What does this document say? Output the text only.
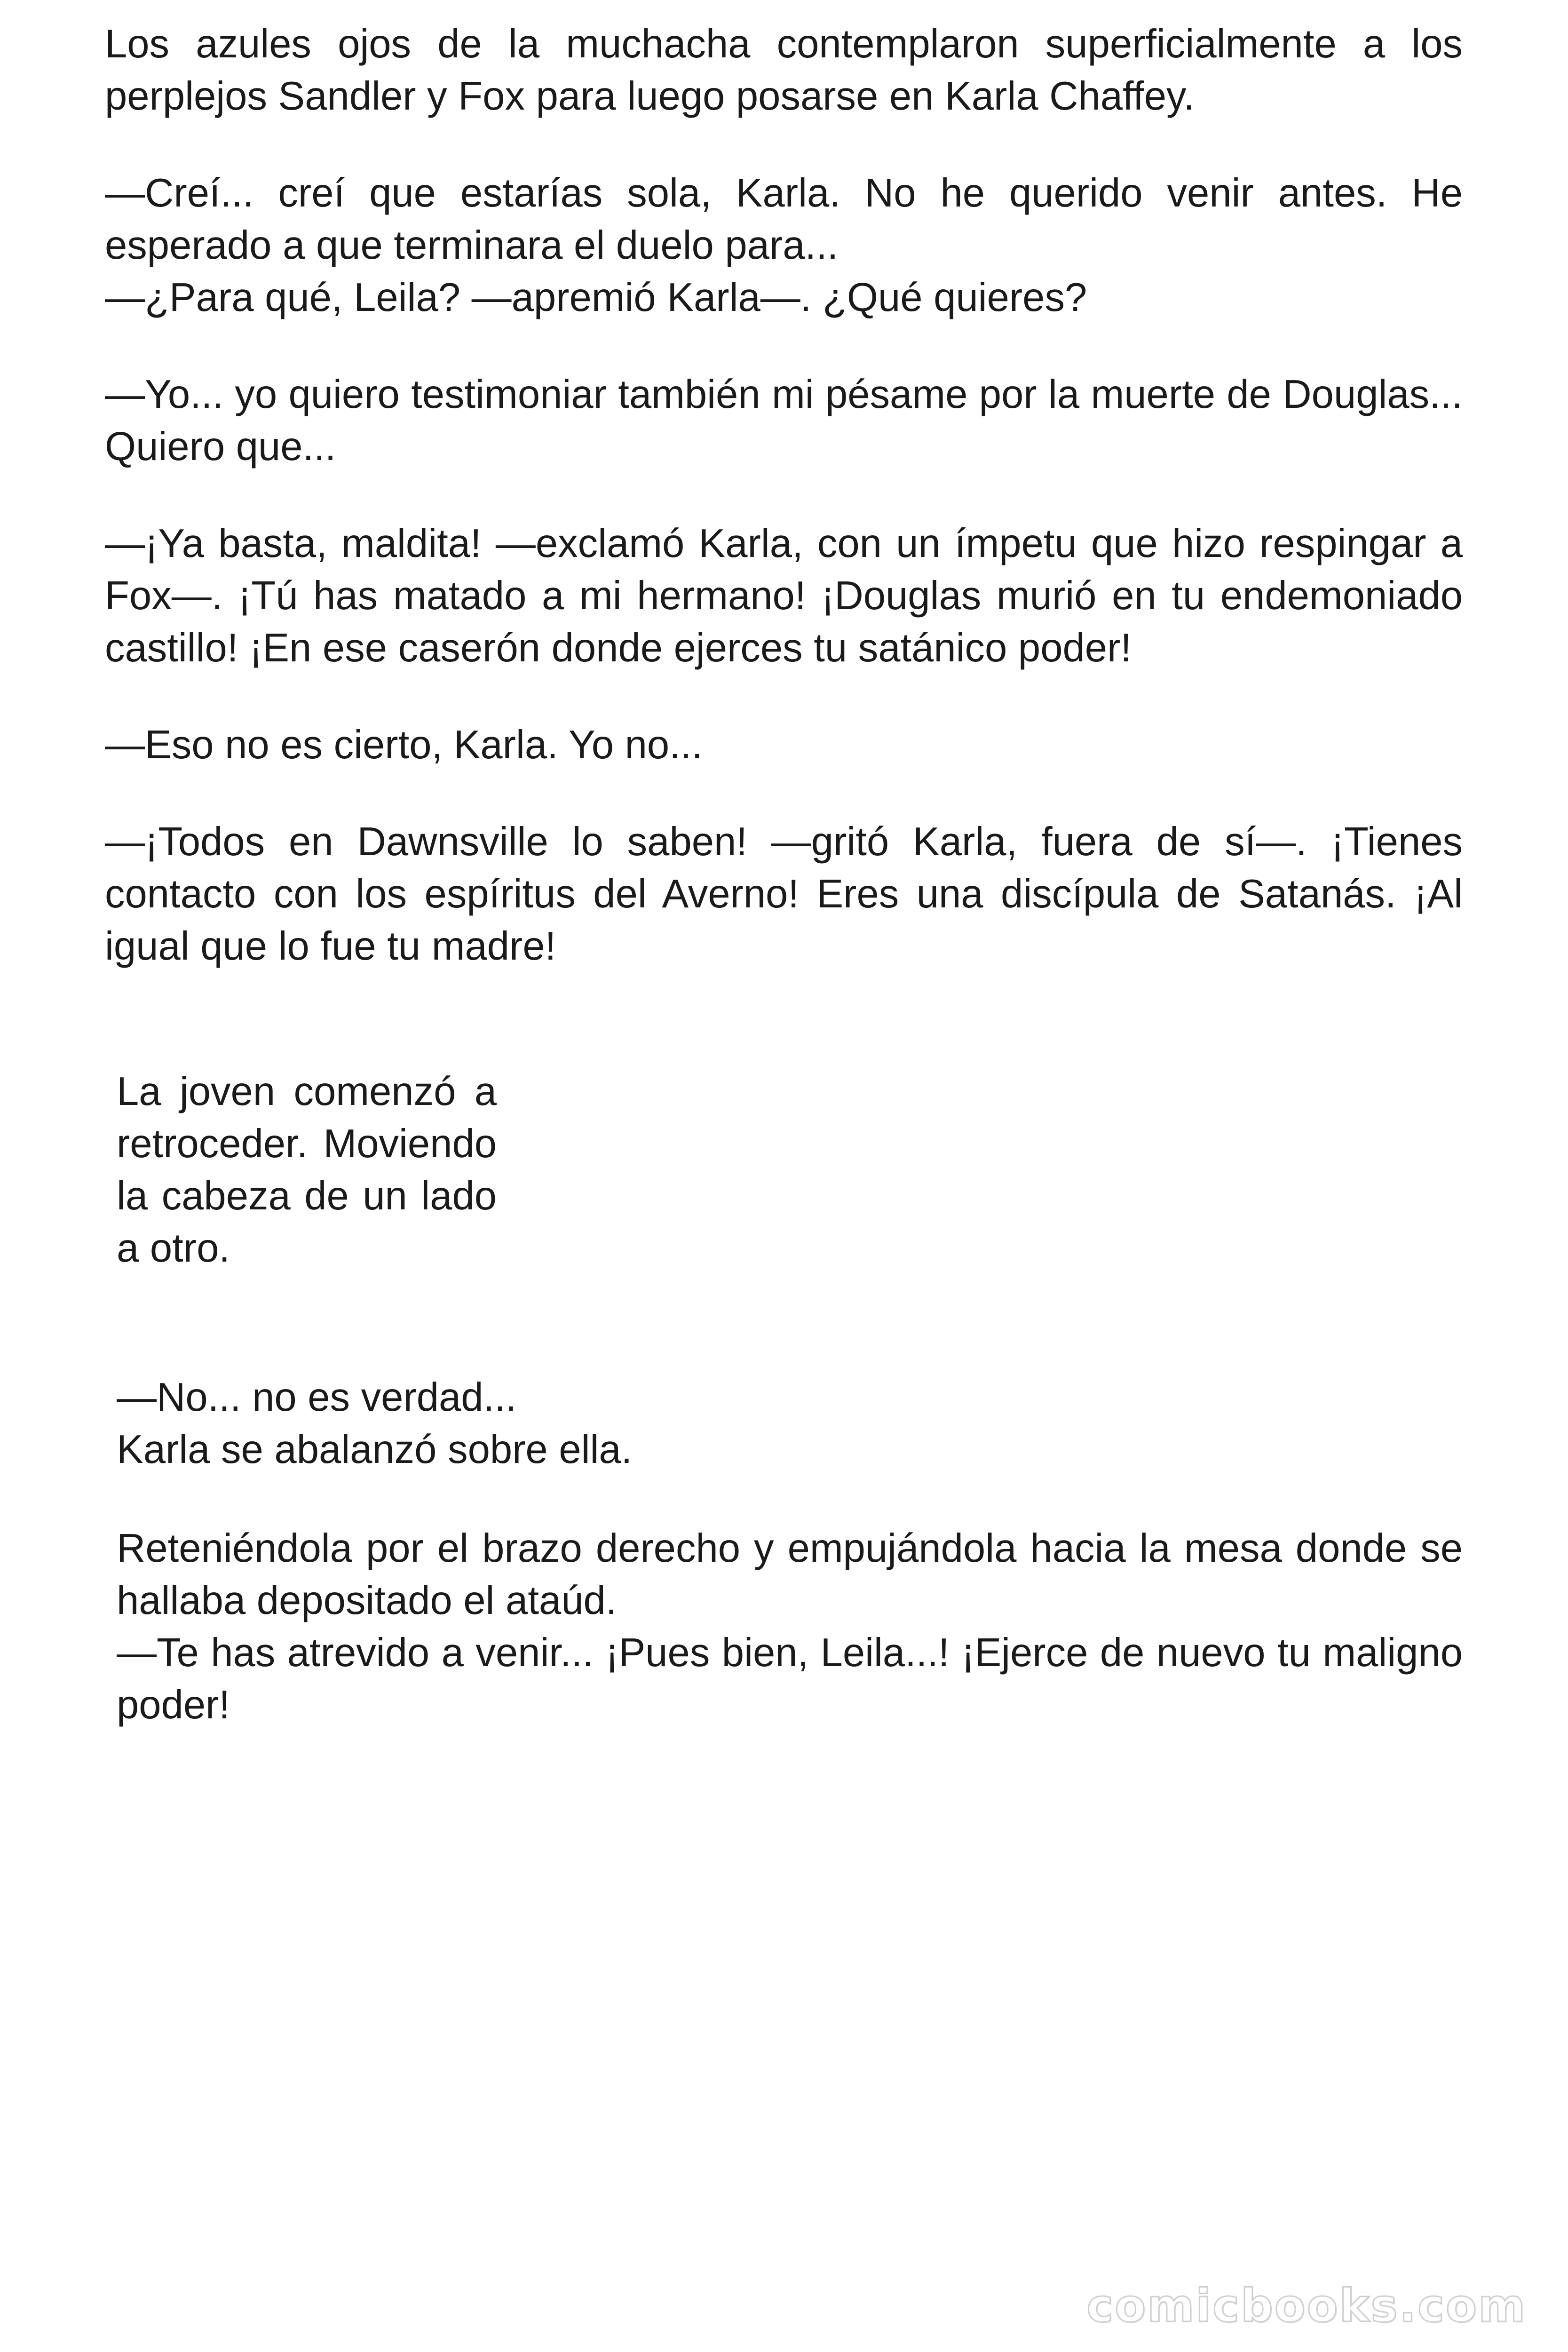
Los azules ojos de la muchacha contemplaron superficialmente a los perplejos Sandler y Fox para luego posarse en Karla Chaffey.

—Creí... creí que estarías sola, Karla. No he querido venir antes. He esperado a que terminara el duelo para...

—¿Para qué, Leila? —apremió Karla—. ¿Qué quieres?

—Yo... yo quiero testimoniar también mi pésame por la muerte de Douglas... Quiero que...

—¡Ya basta, maldita! —exclamó Karla, con un ímpetu que hizo respingar a Fox—. ¡Tú has matado a mi hermano! ¡Douglas murió en tu endemoniado castillo! ¡En ese caserón donde ejerces tu satánico poder!

—Eso no es cierto, Karla. Yo no...

—¡Todos en Dawnsville lo saben! —gritó Karla, fuera de sí—. ¡Tienes contacto con los espíritus del Averno! Eres una discípula de Satanás. ¡Al igual que lo fue tu madre!

La joven comenzó a retroceder. Moviendo la cabeza de un lado a otro.

—No... no es verdad...

Karla se abalanzó sobre ella.

Reteniéndola por el brazo derecho y empujándola hacia la mesa donde se hallaba depositado el ataúd.

—Te has atrevido a venir... ¡Pues bien, Leila...! ¡Ejerce de nuevo tu maligno poder!

comicbooks.com
